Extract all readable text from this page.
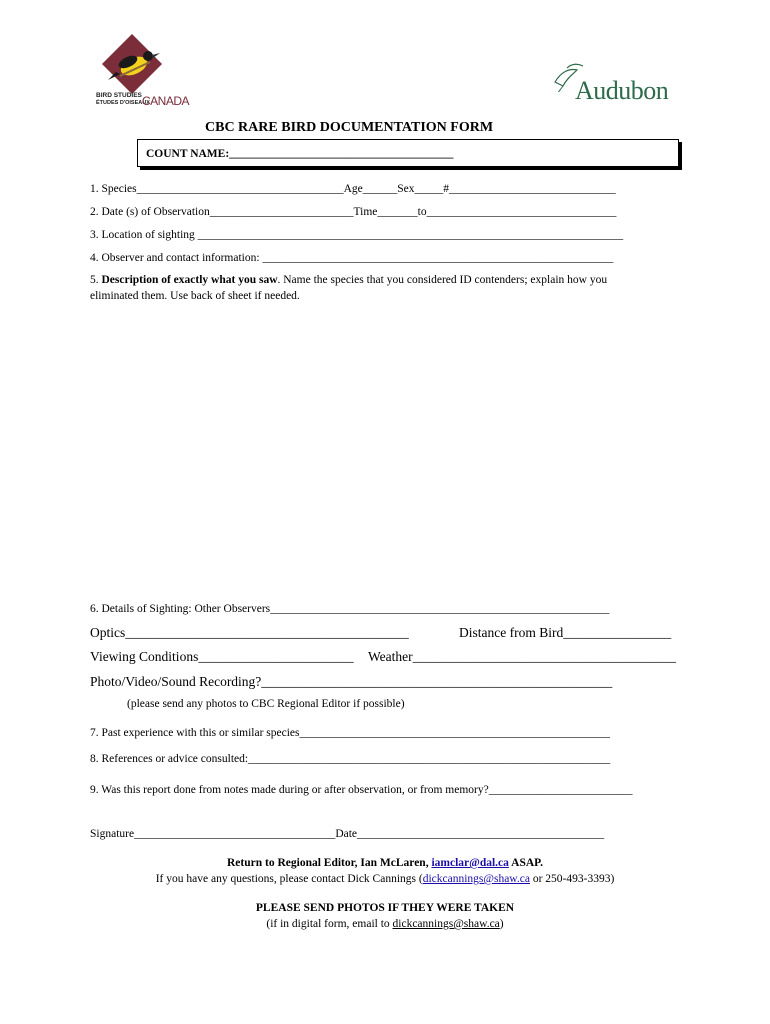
BIRD STUDIES
ÉTUDES D'OISEAUX
CANADA	Audubon
CBC RARE BIRD DOCUMENTATION FORM
COUNT NAME:_______________________________________
1. Species____________________________________Age______Sex_____#_____________________________
2. Date (s) of Observation_________________________Time_______to_________________________________
3. Location of sighting __________________________________________________________________________
4. Observer and contact information: _____________________________________________________________
5. Description of exactly what you saw. Name the species that you considered ID contenders; explain how you
eliminated them. Use back of sheet if needed.
6. Details of Sighting: Other Observers___________________________________________________________
Optics__________________________________________	Distance from Bird________________
Viewing Conditions_______________________ Weather_______________________________________
Photo/Video/Sound Recording?____________________________________________________
(please send any photos to CBC Regional Editor if possible)
7. Past experience with this or similar species______________________________________________________
8. References or advice consulted:_______________________________________________________________
9. Was this report done from notes made during or after observation, or from memory?_________________________
Signature___________________________________Date___________________________________________
Return to Regional Editor, Ian McLaren, iamclar@dal.ca ASAP.
If you have any questions, please contact Dick Cannings (dickcannings@shaw.ca or 250-493-3393)
PLEASE SEND PHOTOS IF THEY WERE TAKEN
(if in digital form, email to dickcannings@shaw.ca)
